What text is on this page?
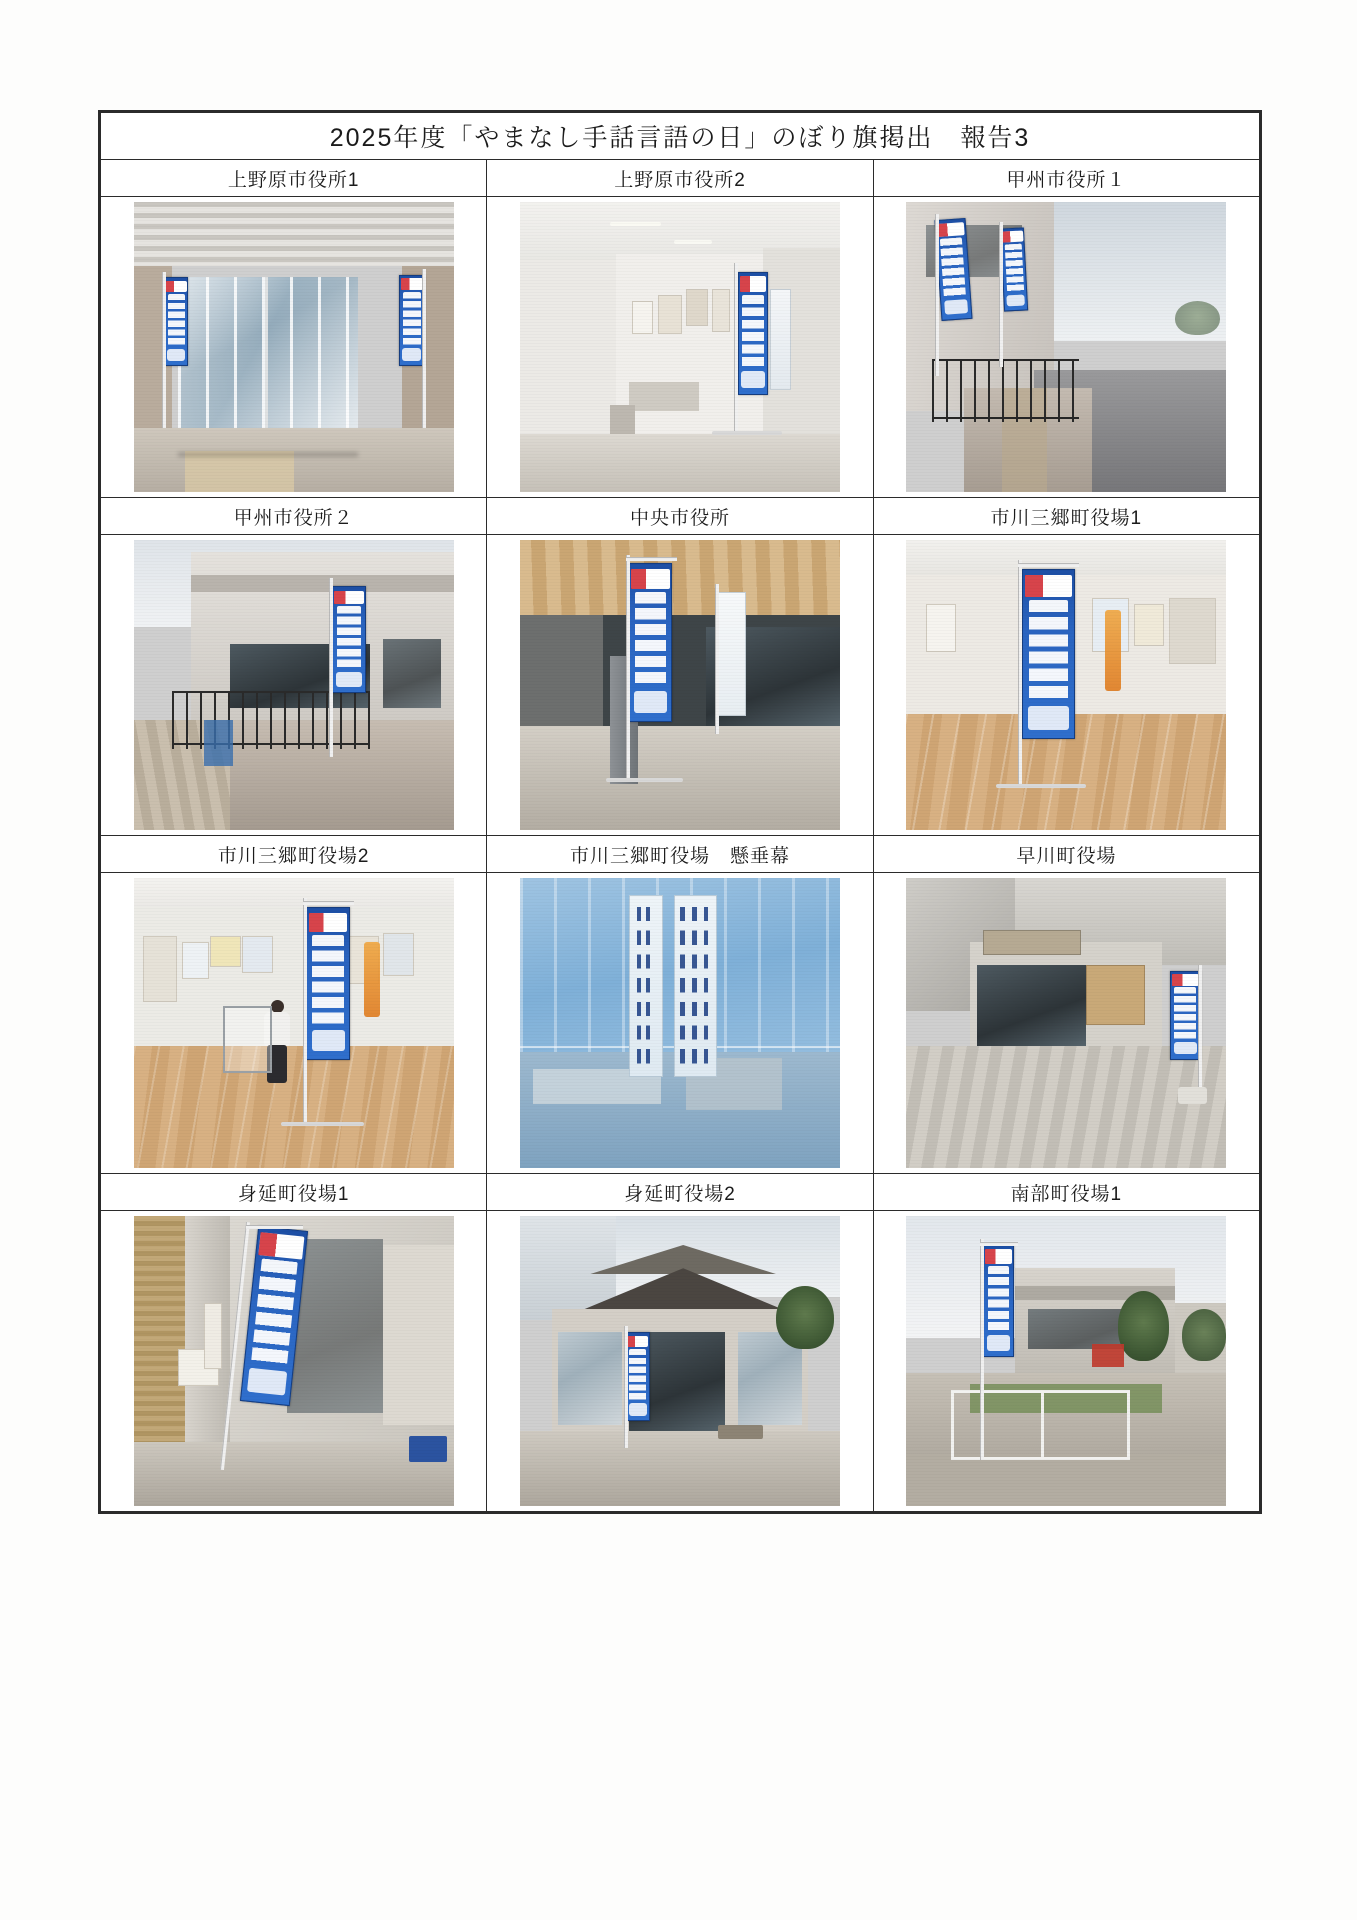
2025年度「やまなし手話言語の日」のぼり旗掲出　報告3		
上野原市役所1	上野原市役所2	甲州市役所１

甲州市役所２	中央市役所	市川三郷町役場1

市川三郷町役場2	市川三郷町役場　懸垂幕	早川町役場

身延町役場1	身延町役場2	南部町役場1
